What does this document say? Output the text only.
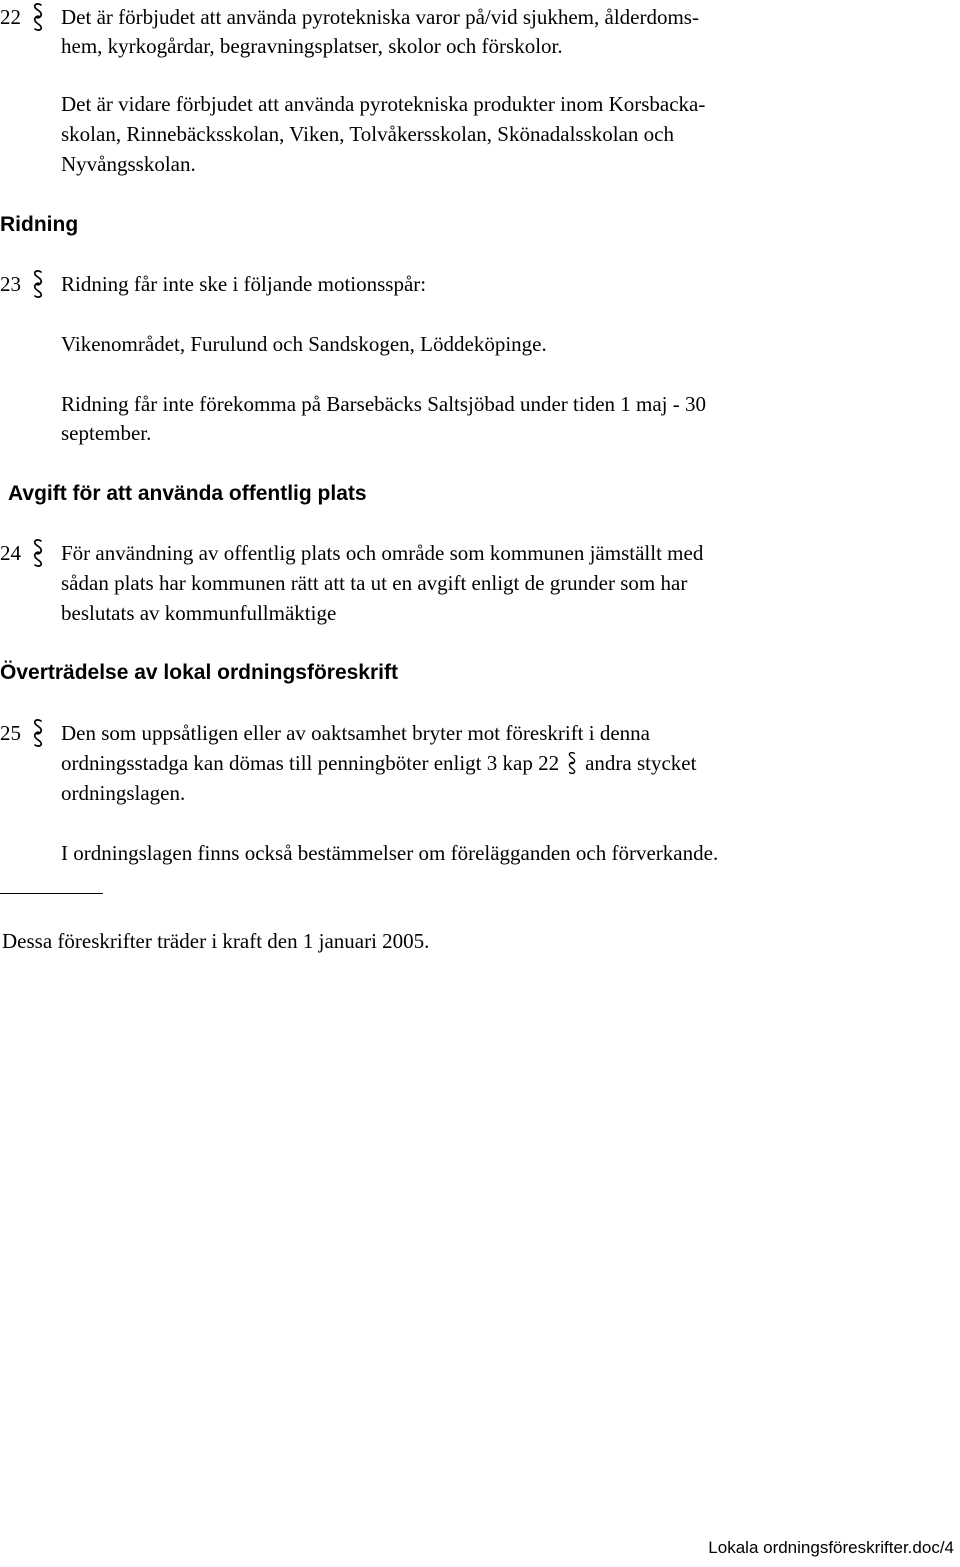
22 Det är förbjudet att använda pyrotekniska varor på/vid sjukhem, ålderdoms-
hem, kyrkogårdar, begravningsplatser, skolor och förskolor.
Det är vidare förbjudet att använda pyrotekniska produkter inom Korsbacka-
skolan, Rinnebäcksskolan, Viken, Tolvåkersskolan, Skönadalsskolan och
Nyvångsskolan.
Ridning
23 Ridning får inte ske i följande motionsspår:
Vikenområdet, Furulund och Sandskogen, Löddeköpinge.
Ridning får inte förekomma på Barsebäcks Saltsjöbad under tiden 1 maj - 30
september.
Avgift för att använda offentlig plats
24 För användning av offentlig plats och område som kommunen jämställt med
sådan plats har kommunen rätt att ta ut en avgift enligt de grunder som har
beslutats av kommunfullmäktige
Överträdelse av lokal ordningsföreskrift
25 Den som uppsåtligen eller av oaktsamhet bryter mot föreskrift i denna
ordningsstadga kan dömas till penningböter enligt 3 kap 22 andra stycket
ordningslagen.
I ordningslagen finns också bestämmelser om förelägganden och förverkande.
Dessa föreskrifter träder i kraft den 1 januari 2005.
Lokala ordningsföreskrifter.doc/4
